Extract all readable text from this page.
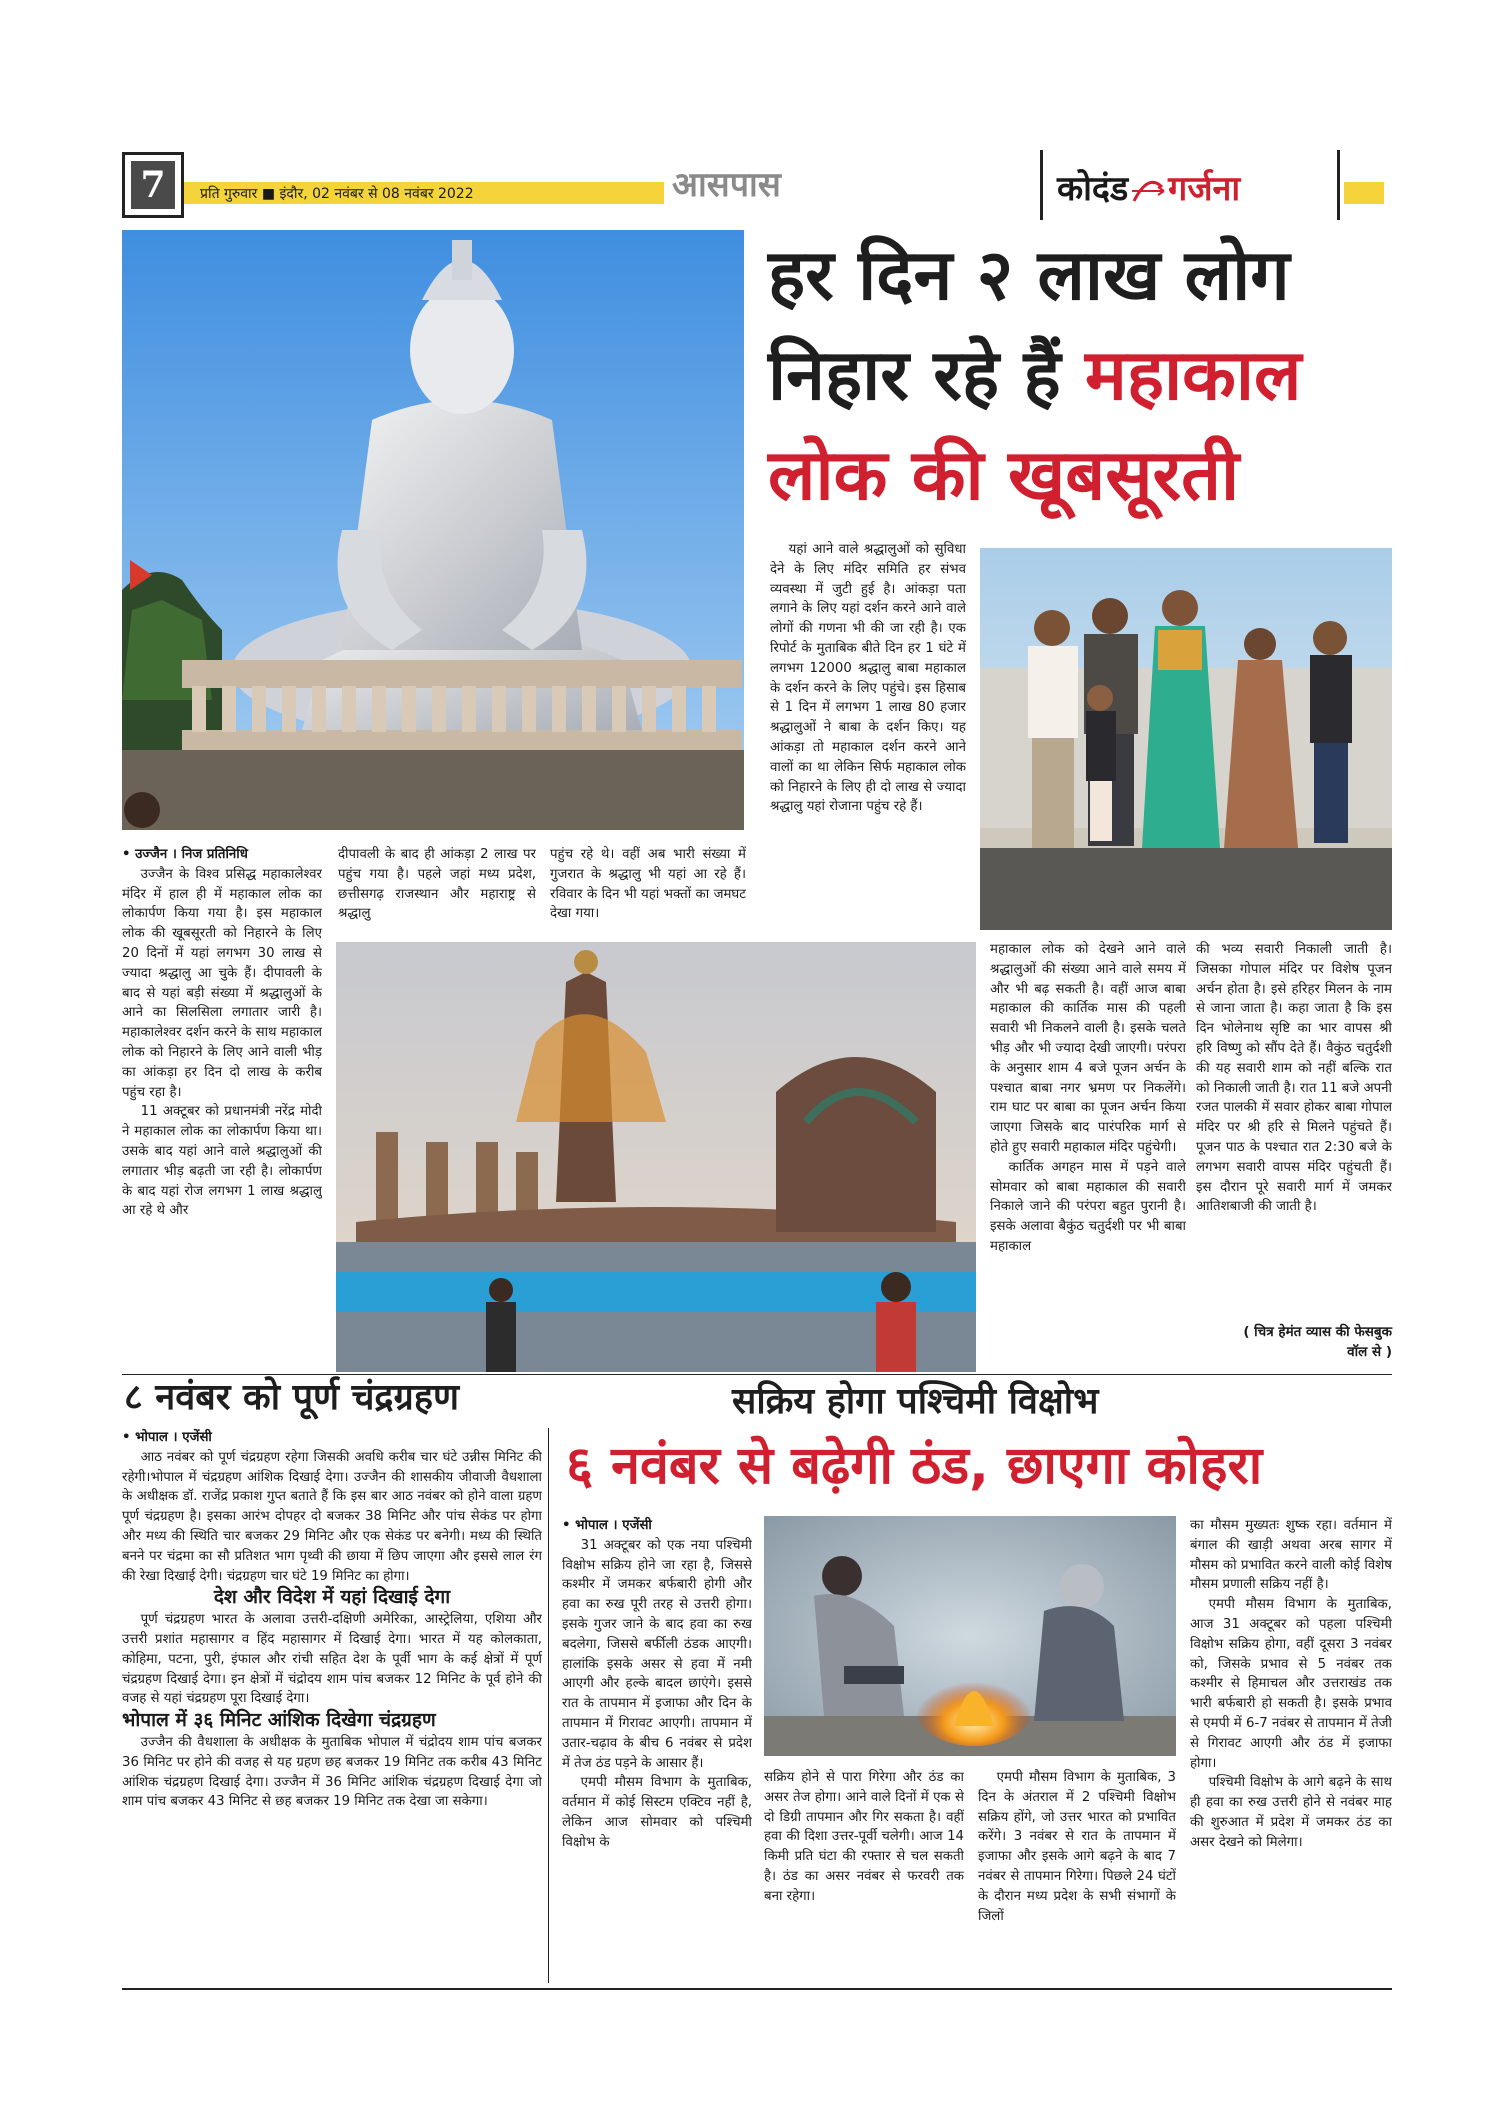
7	प्रति गुरुवार ■ इंदौर, 02 नवंबर से 08 नवंबर 2022	आसपास	कोदंड गर्जना
हर दिन २ लाख लोग
निहार रहे हैं महाकाल
लोक की खूबसूरती
• उज्जैन । निज प्रतिनिधि

उज्जैन के विश्व प्रसिद्ध महाकालेश्वर मंदिर में हाल ही में महाकाल लोक का लोकार्पण किया गया है। इस महाकाल लोक की खूबसूरती को निहारने के लिए 20 दिनों में यहां लगभग 30 लाख से ज्यादा श्रद्धालु आ चुके हैं। दीपावली के बाद से यहां बड़ी संख्या में श्रद्धालुओं के आने का सिलसिला लगातार जारी है। महाकालेश्वर दर्शन करने के साथ महाकाल लोक को निहारने के लिए आने वाली भीड़ का आंकड़ा हर दिन दो लाख के करीब पहुंच रहा है।

11 अक्टूबर को प्रधानमंत्री नरेंद्र मोदी ने महाकाल लोक का लोकार्पण किया था। उसके बाद यहां आने वाले श्रद्धालुओं की लगातार भीड़ बढ़ती जा रही है। लोकार्पण के बाद यहां रोज लगभग 1 लाख श्रद्धालु आ रहे थे और

दीपावली के बाद ही आंकड़ा 2 लाख पर पहुंच गया है। पहले जहां मध्य प्रदेश, छत्तीसगढ़ राजस्थान और महाराष्ट्र से श्रद्धालु

पहुंच रहे थे। वहीं अब भारी संख्या में गुजरात के श्रद्धालु भी यहां आ रहे हैं। रविवार के दिन भी यहां भक्तों का जमघट देखा गया।

यहां आने वाले श्रद्धालुओं को सुविधा देने के लिए मंदिर समिति हर संभव व्यवस्था में जुटी हुई है। आंकड़ा पता लगाने के लिए यहां दर्शन करने आने वाले लोगों की गणना भी की जा रही है। एक रिपोर्ट के मुताबिक बीते दिन हर 1 घंटे में लगभग 12000 श्रद्धालु बाबा महाकाल के दर्शन करने के लिए पहुंचे। इस हिसाब से 1 दिन में लगभग 1 लाख 80 हजार श्रद्धालुओं ने बाबा के दर्शन किए। यह आंकड़ा तो महाकाल दर्शन करने आने वालों का था लेकिन सिर्फ महाकाल लोक को निहारने के लिए ही दो लाख से ज्यादा श्रद्धालु यहां रोजाना पहुंच रहे हैं।

महाकाल लोक को देखने आने वाले श्रद्धालुओं की संख्या आने वाले समय में और भी बढ़ सकती है। वहीं आज बाबा महाकाल की कार्तिक मास की पहली सवारी भी निकलने वाली है। इसके चलते भीड़ और भी ज्यादा देखी जाएगी। परंपरा के अनुसार शाम 4 बजे पूजन अर्चन के पश्चात बाबा नगर भ्रमण पर निकलेंगे। राम घाट पर बाबा का पूजन अर्चन किया जाएगा जिसके बाद पारंपरिक मार्ग से होते हुए सवारी महाकाल मंदिर पहुंचेगी।

कार्तिक अगहन मास में पड़ने वाले सोमवार को बाबा महाकाल की सवारी निकाले जाने की परंपरा बहुत पुरानी है। इसके अलावा बैकुंठ चतुर्दशी पर भी बाबा महाकाल

की भव्य सवारी निकाली जाती है। जिसका गोपाल मंदिर पर विशेष पूजन अर्चन होता है। इसे हरिहर मिलन के नाम से जाना जाता है। कहा जाता है कि इस दिन भोलेनाथ सृष्टि का भार वापस श्री हरि विष्णु को सौंप देते हैं। वैकुंठ चतुर्दशी की यह सवारी शाम को नहीं बल्कि रात को निकाली जाती है। रात 11 बजे अपनी रजत पालकी में सवार होकर बाबा गोपाल मंदिर पर श्री हरि से मिलने पहुंचते हैं। पूजन पाठ के पश्चात रात 2:30 बजे के लगभग सवारी वापस मंदिर पहुंचती हैं। इस दौरान पूरे सवारी मार्ग में जमकर आतिशबाजी की जाती है।

( चित्र हेमंत व्यास की फेसबुक वॉल से )
८ नवंबर को पूर्ण चंद्रग्रहण
• भोपाल । एजेंसी

आठ नवंबर को पूर्ण चंद्रग्रहण रहेगा जिसकी अवधि करीब चार घंटे उन्नीस मिनिट की रहेगी।भोपाल में चंद्रग्रहण आंशिक दिखाई देगा। उज्जैन की शासकीय जीवाजी वैधशाला के अधीक्षक डॉ. राजेंद्र प्रकाश गुप्त बताते हैं कि इस बार आठ नवंबर को होने वाला ग्रहण पूर्ण चंद्रग्रहण है। इसका आरंभ दोपहर दो बजकर 38 मिनिट और पांच सेकंड पर होगा और मध्य की स्थिति चार बजकर 29 मिनिट और एक सेकंड पर बनेगी। मध्य की स्थिति बनने पर चंद्रमा का सौ प्रतिशत भाग पृथ्वी की छाया में छिप जाएगा और इससे लाल रंग की रेखा दिखाई देगी। चंद्रग्रहण चार घंटे 19 मिनिट का होगा।

देश और विदेश में यहां दिखाई देगा

पूर्ण चंद्रग्रहण भारत के अलावा उत्तरी-दक्षिणी अमेरिका, आस्ट्रेलिया, एशिया और उत्तरी प्रशांत महासागर व हिंद महासागर में दिखाई देगा। भारत में यह कोलकाता, कोहिमा, पटना, पुरी, इंफाल और रांची सहित देश के पूर्वी भाग के कई क्षेत्रों में पूर्ण चंद्रग्रहण दिखाई देगा। इन क्षेत्रों में चंद्रोदय शाम पांच बजकर 12 मिनिट के पूर्व होने की वजह से यहां चंद्रग्रहण पूरा दिखाई देगा।

भोपाल में ३६ मिनिट आंशिक दिखेगा चंद्रग्रहण

उज्जैन की वैधशाला के अधीक्षक के मुताबिक भोपाल में चंद्रोदय शाम पांच बजकर 36 मिनिट पर होने की वजह से यह ग्रहण छह बजकर 19 मिनिट तक करीब 43 मिनिट आंशिक चंद्रग्रहण दिखाई देगा। उज्जैन में 36 मिनिट आंशिक चंद्रग्रहण दिखाई देगा जो शाम पांच बजकर 43 मिनिट से छह बजकर 19 मिनिट तक देखा जा सकेगा।

सक्रिय होगा पश्चिमी विक्षोभ
६ नवंबर से बढ़ेगी ठंड, छाएगा कोहरा
• भोपाल । एजेंसी

31 अक्टूबर को एक नया पश्चिमी विक्षोभ सक्रिय होने जा रहा है, जिससे कश्मीर में जमकर बर्फबारी होगी और हवा का रुख पूरी तरह से उत्तरी होगा। इसके गुजर जाने के बाद हवा का रुख बदलेगा, जिससे बर्फीली ठंडक आएगी। हालांकि इसके असर से हवा में नमी आएगी और हल्के बादल छाएंगे। इससे रात के तापमान में इजाफा और दिन के तापमान में गिरावट आएगी। तापमान में उतार-चढ़ाव के बीच 6 नवंबर से प्रदेश में तेज ठंड पड़ने के आसार हैं।

एमपी मौसम विभाग के मुताबिक, वर्तमान में कोई सिस्टम एक्टिव नहीं है, लेकिन आज सोमवार को पश्चिमी विक्षोभ के

सक्रिय होने से पारा गिरेगा और ठंड का असर तेज होगा। आने वाले दिनों में एक से दो डिग्री तापमान और गिर सकता है। वहीं हवा की दिशा उत्तर-पूर्वी चलेगी। आज 14 किमी प्रति घंटा की रफ्तार से चल सकती है। ठंड का असर नवंबर से फरवरी तक बना रहेगा।

एमपी मौसम विभाग के मुताबिक, 3 दिन के अंतराल में 2 पश्चिमी विक्षोभ सक्रिय होंगे, जो उत्तर भारत को प्रभावित करेंगे। 3 नवंबर से रात के तापमान में इजाफा और इसके आगे बढ़ने के बाद 7 नवंबर से तापमान गिरेगा। पिछले 24 घंटों के दौरान मध्य प्रदेश के सभी संभागों के जिलों

का मौसम मुख्यतः शुष्क रहा। वर्तमान में बंगाल की खाड़ी अथवा अरब सागर में मौसम को प्रभावित करने वाली कोई विशेष मौसम प्रणाली सक्रिय नहीं है।

एमपी मौसम विभाग के मुताबिक, आज 31 अक्टूबर को पहला पश्चिमी विक्षोभ सक्रिय होगा, वहीं दूसरा 3 नवंबर को, जिसके प्रभाव से 5 नवंबर तक कश्मीर से हिमाचल और उत्तराखंड तक भारी बर्फबारी हो सकती है। इसके प्रभाव से एमपी में 6-7 नवंबर से तापमान में तेजी से गिरावट आएगी और ठंड में इजाफा होगा।

पश्चिमी विक्षोभ के आगे बढ़ने के साथ ही हवा का रुख उत्तरी होने से नवंबर माह की शुरुआत में प्रदेश में जमकर ठंड का असर देखने को मिलेगा।
